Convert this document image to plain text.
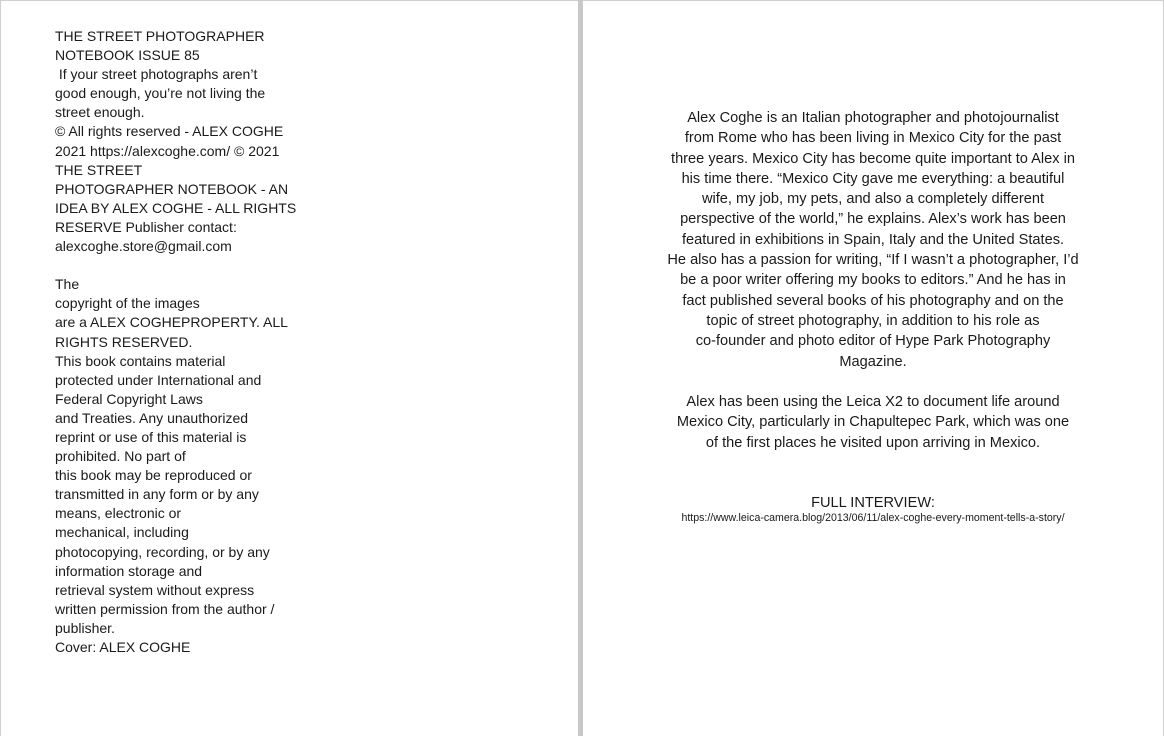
THE STREET PHOTOGRAPHER
NOTEBOOK ISSUE 85
If your street photographs aren’t
good enough, you’re not living the
street enough.
© All rights reserved - ALEX COGHE
2021 https://alexcoghe.com/ © 2021
THE STREET
PHOTOGRAPHER NOTEBOOK - AN
IDEA BY ALEX COGHE - ALL RIGHTS
RESERVE Publisher contact:
alexcoghe.store@gmail.com
The
copyright of the images
are a ALEX COGHEPROPERTY. ALL
RIGHTS RESERVED.
This book contains material
protected under International and
Federal Copyright Laws
and Treaties. Any unauthorized
reprint or use of this material is
prohibited. No part of
this book may be reproduced or
transmitted in any form or by any
means, electronic or
mechanical, including
photocopying, recording, or by any
information storage and
retrieval system without express
written permission from the author /
publisher.
Cover: ALEX COGHE
Alex Coghe is an Italian photographer and photojournalist
from Rome who has been living in Mexico City for the past
three years. Mexico City has become quite important to Alex in
his time there. “Mexico City gave me everything: a beautiful
wife, my job, my pets, and also a completely different
perspective of the world,” he explains. Alex’s work has been
featured in exhibitions in Spain, Italy and the United States.
He also has a passion for writing, “If I wasn’t a photographer, I’d
be a poor writer offering my books to editors.” And he has in
fact published several books of his photography and on the
topic of street photography, in addition to his role as
co-founder and photo editor of Hype Park Photography
Magazine.
Alex has been using the Leica X2 to document life around
Mexico City, particularly in Chapultepec Park, which was one
of the first places he visited upon arriving in Mexico.
FULL INTERVIEW:
https://www.leica-camera.blog/2013/06/11/alex-coghe-every-moment-tells-a-story/
